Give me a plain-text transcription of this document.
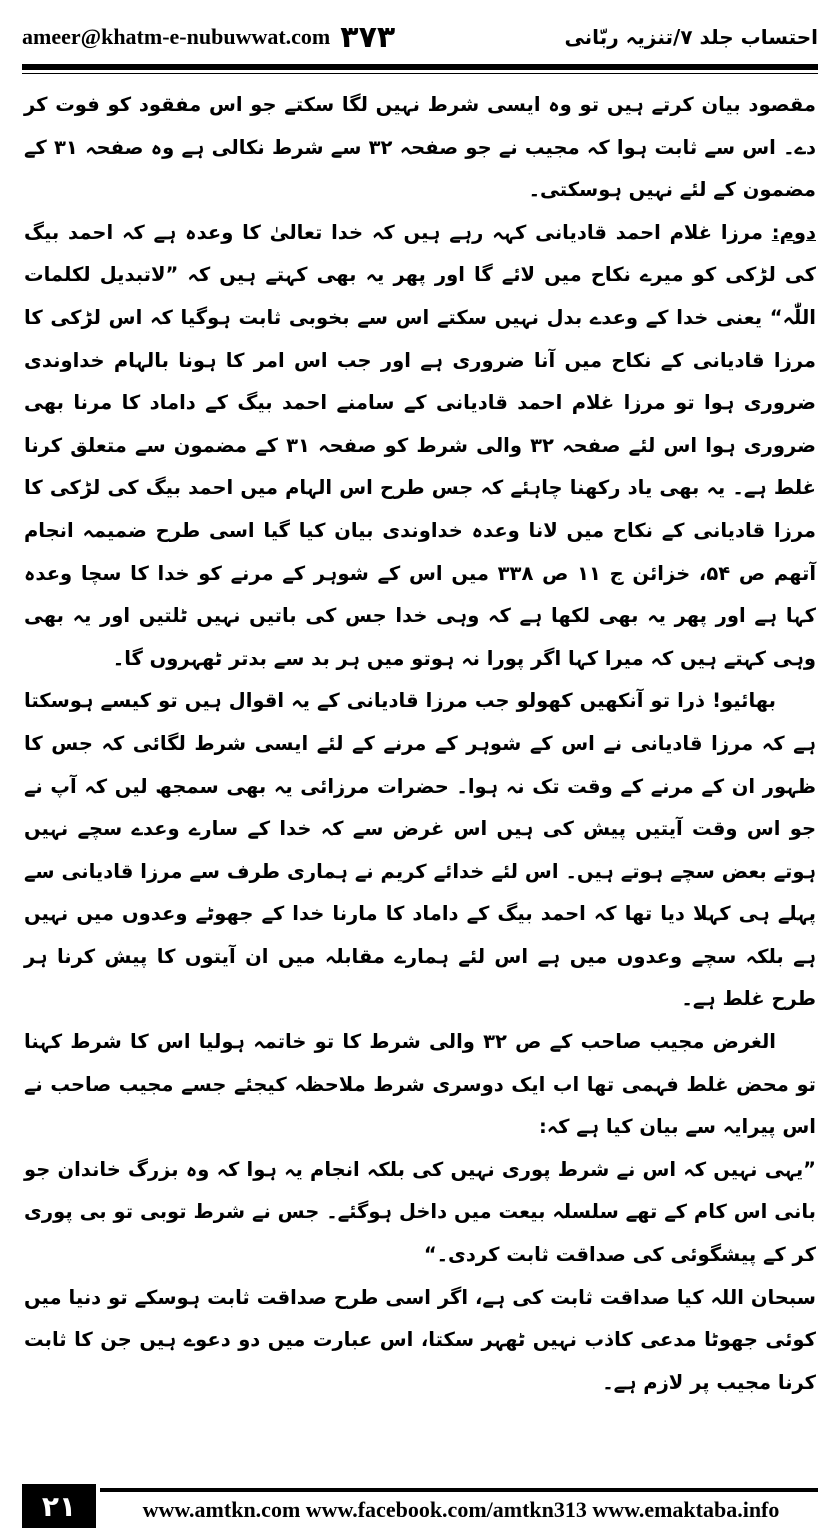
ameer@khatm-e-nubuwwat.com ۳۷۳	احتساب جلد ۷/تنزیہ ربّانی

مقصود بیان کرتے ہیں تو وہ ایسی شرط نہیں لگا سکتے جو اس مفقود کو فوت کر دے۔ اس سے ثابت ہوا کہ مجیب نے جو صفحہ ۳۲ سے شرط نکالی ہے وہ صفحہ ۳۱ کے مضمون کے لئے نہیں ہوسکتی۔

دوم: مرزا غلام احمد قادیانی کہہ رہے ہیں کہ خدا تعالیٰ کا وعدہ ہے کہ احمد بیگ کی لڑکی کو میرے نکاح میں لائے گا اور پھر یہ بھی کہتے ہیں کہ ”لاتبدیل لکلمات اللّٰہ“ یعنی خدا کے وعدے بدل نہیں سکتے اس سے بخوبی ثابت ہوگیا کہ اس لڑکی کا مرزا قادیانی کے نکاح میں آنا ضروری ہے اور جب اس امر کا ہونا بالہام خداوندی ضروری ہوا تو مرزا غلام احمد قادیانی کے سامنے احمد بیگ کے داماد کا مرنا بھی ضروری ہوا اس لئے صفحہ ۳۲ والی شرط کو صفحہ ۳۱ کے مضمون سے متعلق کرنا غلط ہے۔ یہ بھی یاد رکھنا چاہئے کہ جس طرح اس الہام میں احمد بیگ کی لڑکی کا مرزا قادیانی کے نکاح میں لانا وعدہ خداوندی بیان کیا گیا اسی طرح ضمیمہ انجام آتھم ص ۵۴، خزائن ج ۱۱ ص ۳۳۸ میں اس کے شوہر کے مرنے کو خدا کا سچا وعدہ کہا ہے اور پھر یہ بھی لکھا ہے کہ وہی خدا جس کی باتیں نہیں ٹلتیں اور یہ بھی وہی کہتے ہیں کہ میرا کہا اگر پورا نہ ہوتو میں ہر بد سے بدتر ٹھہروں گا۔

بھائیو! ذرا تو آنکھیں کھولو جب مرزا قادیانی کے یہ اقوال ہیں تو کیسے ہوسکتا ہے کہ مرزا قادیانی نے اس کے شوہر کے مرنے کے لئے ایسی شرط لگائی کہ جس کا ظہور ان کے مرنے کے وقت تک نہ ہوا۔ حضرات مرزائی یہ بھی سمجھ لیں کہ آپ نے جو اس وقت آیتیں پیش کی ہیں اس غرض سے کہ خدا کے سارے وعدے سچے نہیں ہوتے بعض سچے ہوتے ہیں۔ اس لئے خدائے کریم نے ہماری طرف سے مرزا قادیانی سے پہلے ہی کہلا دیا تھا کہ احمد بیگ کے داماد کا مارنا خدا کے جھوٹے وعدوں میں نہیں ہے بلکہ سچے وعدوں میں ہے اس لئے ہمارے مقابلہ میں ان آیتوں کا پیش کرنا ہر طرح غلط ہے۔

الغرض مجیب صاحب کے ص ۳۲ والی شرط کا تو خاتمہ ہولیا اس کا شرط کہنا تو محض غلط فہمی تھا اب ایک دوسری شرط ملاحظہ کیجئے جسے مجیب صاحب نے اس پیرایہ سے بیان کیا ہے کہ:

”یہی نہیں کہ اس نے شرط پوری نہیں کی بلکہ انجام یہ ہوا کہ وہ بزرگ خاندان جو بانی اس کام کے تھے سلسلہ بیعت میں داخل ہوگئے۔ جس نے شرط توبی تو بی پوری کر کے پیشگوئی کی صداقت ثابت کردی۔“

سبحان اللہ کیا صداقت ثابت کی ہے، اگر اسی طرح صداقت ثابت ہوسکے تو دنیا میں کوئی جھوٹا مدعی کاذب نہیں ٹھہر سکتا، اس عبارت میں دو دعوے ہیں جن کا ثابت کرنا مجیب پر لازم ہے۔

۲۱	www.amtkn.com www.facebook.com/amtkn313 www.emaktaba.info
